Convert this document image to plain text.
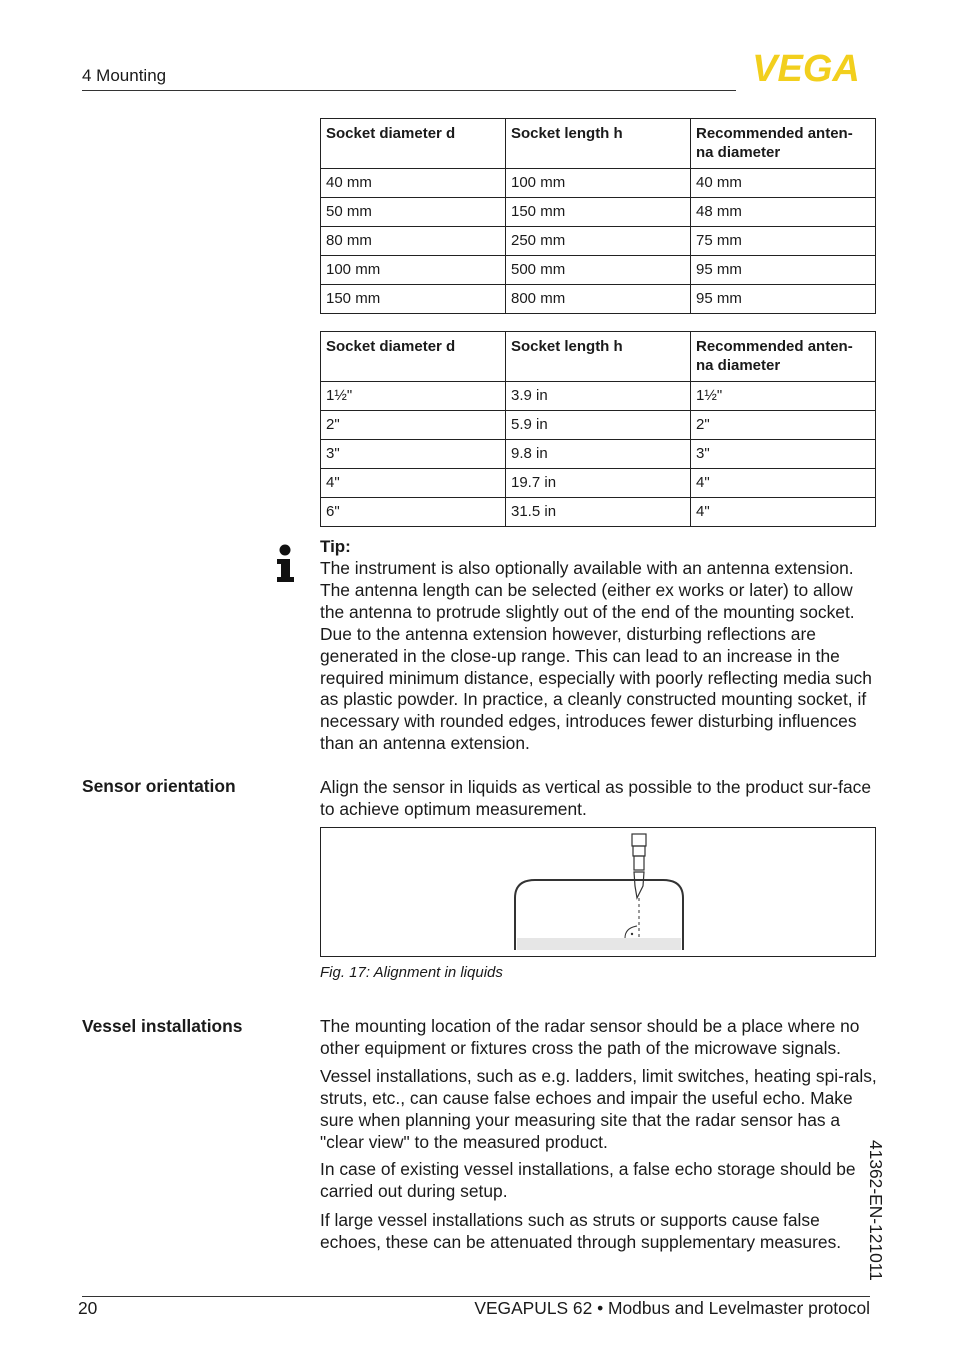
4 Mounting	VEGA
Socket diameter d	Socket length h	Recommended anten-
na diameter
40 mm	100 mm	40 mm
50 mm	150 mm	48 mm
80 mm	250 mm	75 mm
100 mm	500 mm	95 mm
150 mm	800 mm	95 mm
Socket diameter d	Socket length h	Recommended anten-
na diameter
1½"	3.9 in	1½"
2"	5.9 in	2"
3"	9.8 in	3"
4"	19.7 in	4"
6"	31.5 in	4"
Tip:
The instrument is also optionally available with an antenna extension. The antenna length can be selected (either ex works or later) to allow the antenna to protrude slightly out of the end of the mounting socket. Due to the antenna extension however, disturbing reflections are generated in the close-up range. This can lead to an increase in the required minimum distance, especially with poorly reflecting media such as plastic powder. In practice, a cleanly constructed mounting socket, if necessary with rounded edges, introduces fewer disturbing influences than an antenna extension.
Sensor orientation	Align the sensor in liquids as vertical as possible to the product sur-face to achieve optimum measurement.
Fig. 17: Alignment in liquids
Vessel installations	The mounting location of the radar sensor should be a place where no other equipment or fixtures cross the path of the microwave signals.
Vessel installations, such as e.g. ladders, limit switches, heating spi-rals, struts, etc., can cause false echoes and impair the useful echo. Make sure when planning your measuring site that the radar sensor has a "clear view" to the measured product.
In case of existing vessel installations, a false echo storage should be carried out during setup.
If large vessel installations such as struts or supports cause false echoes, these can be attenuated through supplementary measures.	41362-EN-121011
20	VEGAPULS 62 • Modbus and Levelmaster protocol
